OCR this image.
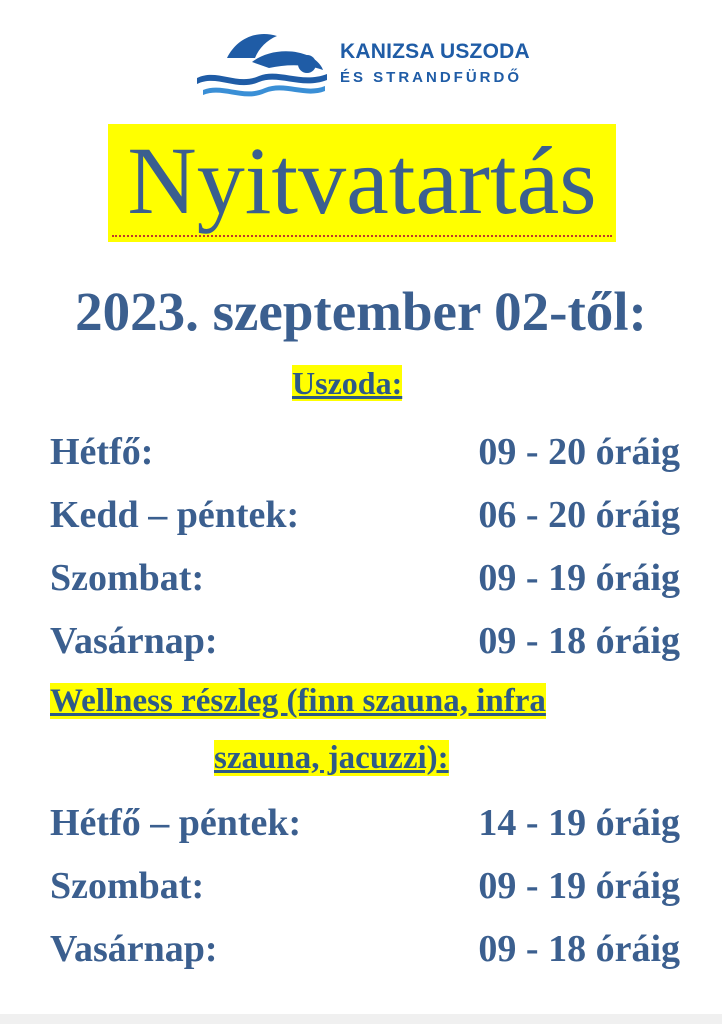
KANIZSA USZODA
ÉS STRANDFÜRDŐ
Nyitvatartás
2023. szeptember 02-től:
Uszoda:
Hétfő:	09 - 20 óráig
Kedd – péntek:	06 - 20 óráig
Szombat:	09 - 19 óráig
Vasárnap:	09 - 18 óráig
Wellness részleg (finn szauna, infra
szauna, jacuzzi):
Hétfő – péntek:	14 - 19 óráig
Szombat:	09 - 19 óráig
Vasárnap:	09 - 18 óráig
